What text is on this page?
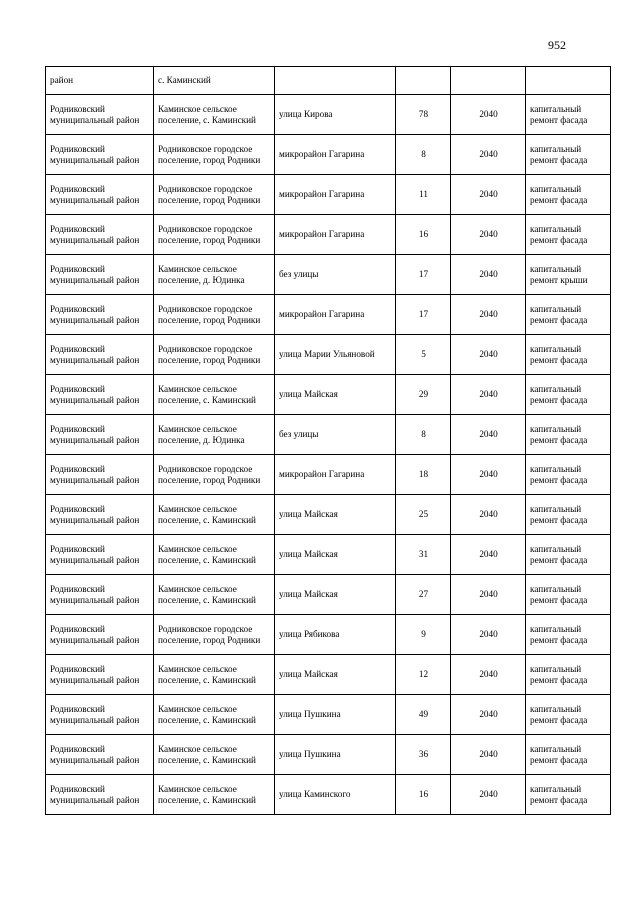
952
район	с. Каминский				
Родниковский муниципальный район	Каминское сельское поселение, с. Каминский	улица Кирова	78	2040	капитальный ремонт фасада
Родниковский муниципальный район	Родниковское городское поселение, город Родники	микрорайон Гагарина	8	2040	капитальный ремонт фасада
Родниковский муниципальный район	Родниковское городское поселение, город Родники	микрорайон Гагарина	11	2040	капитальный ремонт фасада
Родниковский муниципальный район	Родниковское городское поселение, город Родники	микрорайон Гагарина	16	2040	капитальный ремонт фасада
Родниковский муниципальный район	Каминское сельское поселение, д. Юдинка	без улицы	17	2040	капитальный ремонт крыши
Родниковский муниципальный район	Родниковское городское поселение, город Родники	микрорайон Гагарина	17	2040	капитальный ремонт фасада
Родниковский муниципальный район	Родниковское городское поселение, город Родники	улица Марии Ульяновой	5	2040	капитальный ремонт фасада
Родниковский муниципальный район	Каминское сельское поселение, с. Каминский	улица Майская	29	2040	капитальный ремонт фасада
Родниковский муниципальный район	Каминское сельское поселение, д. Юдинка	без улицы	8	2040	капитальный ремонт фасада
Родниковский муниципальный район	Родниковское городское поселение, город Родники	микрорайон Гагарина	18	2040	капитальный ремонт фасада
Родниковский муниципальный район	Каминское сельское поселение, с. Каминский	улица Майская	25	2040	капитальный ремонт фасада
Родниковский муниципальный район	Каминское сельское поселение, с. Каминский	улица Майская	31	2040	капитальный ремонт фасада
Родниковский муниципальный район	Каминское сельское поселение, с. Каминский	улица Майская	27	2040	капитальный ремонт фасада
Родниковский муниципальный район	Родниковское городское поселение, город Родники	улица Рябикова	9	2040	капитальный ремонт фасада
Родниковский муниципальный район	Каминское сельское поселение, с. Каминский	улица Майская	12	2040	капитальный ремонт фасада
Родниковский муниципальный район	Каминское сельское поселение, с. Каминский	улица Пушкина	49	2040	капитальный ремонт фасада
Родниковский муниципальный район	Каминское сельское поселение, с. Каминский	улица Пушкина	36	2040	капитальный ремонт фасада
Родниковский муниципальный район	Каминское сельское поселение, с. Каминский	улица Каминского	16	2040	капитальный ремонт фасада
